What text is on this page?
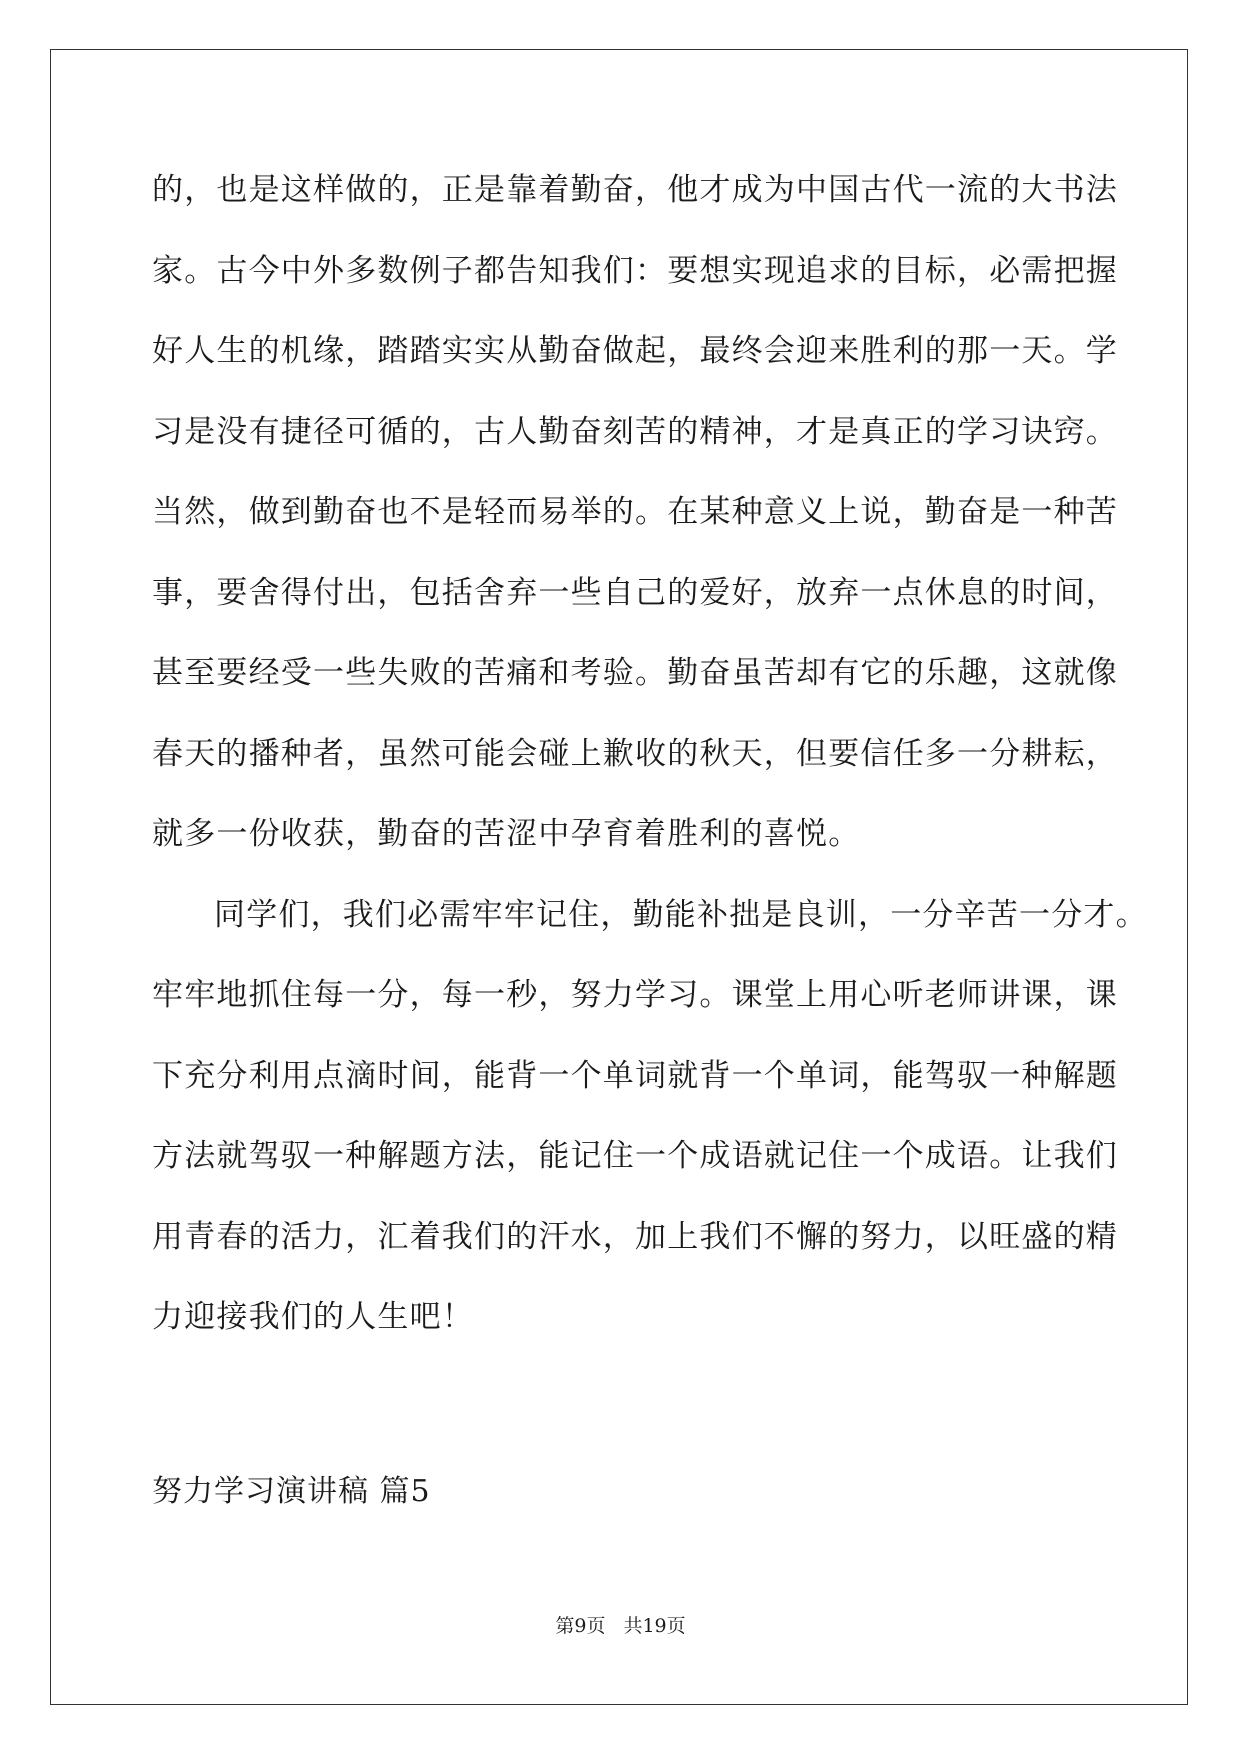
的，也是这样做的，正是靠着勤奋，他才成为中国古代一流的大书法
家。古今中外多数例子都告知我们：要想实现追求的目标，必需把握
好人生的机缘，踏踏实实从勤奋做起，最终会迎来胜利的那一天。学
习是没有捷径可循的，古人勤奋刻苦的精神，才是真正的学习诀窍。
当然，做到勤奋也不是轻而易举的。在某种意义上说，勤奋是一种苦
事，要舍得付出，包括舍弃一些自己的爱好，放弃一点休息的时间，
甚至要经受一些失败的苦痛和考验。勤奋虽苦却有它的乐趣，这就像
春天的播种者，虽然可能会碰上歉收的秋天，但要信任多一分耕耘，
就多一份收获，勤奋的苦涩中孕育着胜利的喜悦。
同学们，我们必需牢牢记住，勤能补拙是良训，一分辛苦一分才。
牢牢地抓住每一分，每一秒，努力学习。课堂上用心听老师讲课，课
下充分利用点滴时间，能背一个单词就背一个单词，能驾驭一种解题
方法就驾驭一种解题方法，能记住一个成语就记住一个成语。让我们
用青春的活力，汇着我们的汗水，加上我们不懈的努力，以旺盛的精
力迎接我们的人生吧！
努力学习演讲稿 篇5
第9页 共19页
